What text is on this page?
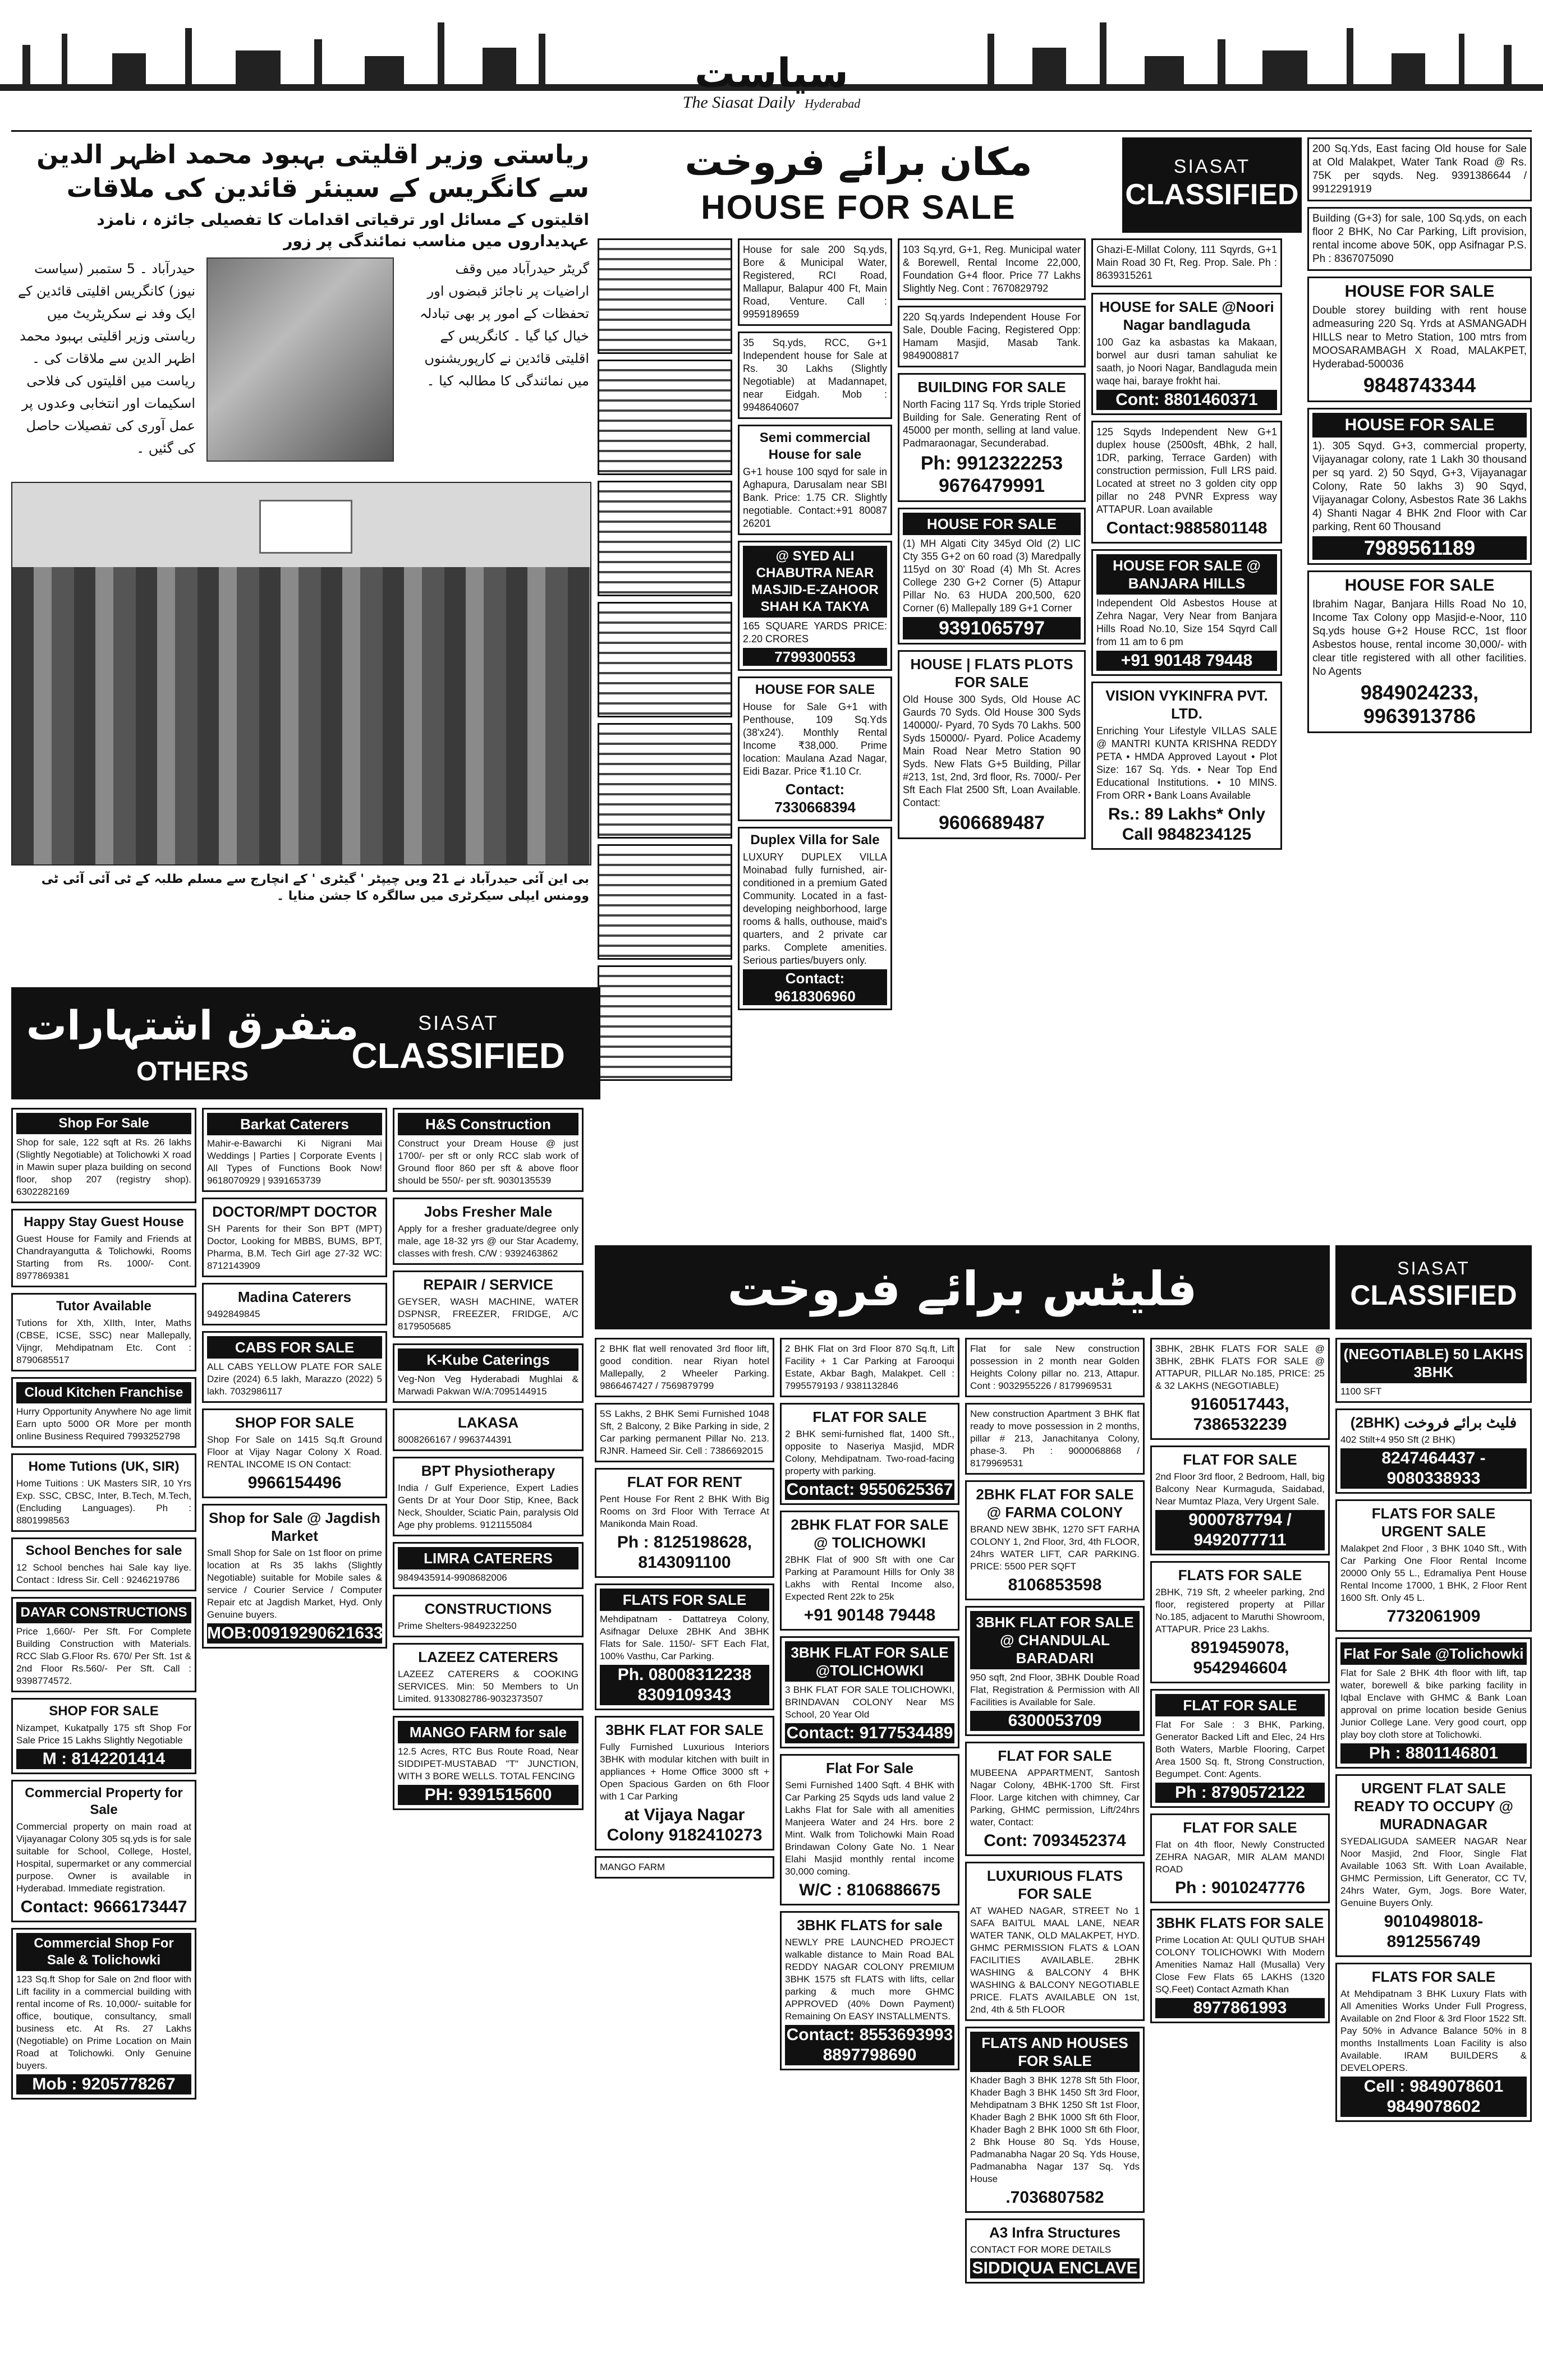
سیاست
The Siasat Daily Hyderabad
ریاستی وزیر اقلیتی بہبود محمد اظہر الدین سے کانگریس کے سینئر قائدین کی ملاقات
اقلیتوں کے مسائل اور ترقیاتی اقدامات کا تفصیلی جائزہ ، نامزد عہدیداروں میں مناسب نمائندگی پر زور
حیدرآباد ۔ 5 ستمبر (سیاست نیوز) کانگریس اقلیتی قائدین کے ایک وفد نے سکریٹریٹ میں ریاستی وزیر اقلیتی بہبود محمد اظہر الدین سے ملاقات کی ۔ ریاست میں اقلیتوں کی فلاحی اسکیمات اور انتخابی وعدوں پر عمل آوری کی تفصیلات حاصل کی گئیں ۔
گریٹر حیدرآباد میں وقف اراضیات پر ناجائز قبضوں اور تحفظات کے امور پر بھی تبادلہ خیال کیا گیا ۔ کانگریس کے اقلیتی قائدین نے کارپوریشنوں میں نمائندگی کا مطالبہ کیا ۔
بی این آئی حیدرآباد نے 21 ویں چیپٹر ' گیٹری ' کے انچارج سے مسلم طلبہ کے ٹی آئی آئی ٹی وومنس ایپلی سیکرٹری میں سالگرہ کا جشن منایا ۔
مکان برائے فروخت
HOUSE FOR SALE
SIASAT
CLASSIFIED
House for sale 200 Sq.yds, Bore & Municipal Water, Registered, RCI Road, Mallapur, Balapur 400 Ft, Main Road, Venture. Call : 9959189659
35 Sq.yds, RCC, G+1 Independent house for Sale at Rs. 30 Lakhs (Slightly Negotiable) at Madannapet, near Eidgah. Mob : 9948640607
Semi commercial House for sale
G+1 house 100 sqyd for sale in Aghapura, Darusalam near SBI Bank. Price: 1.75 CR. Slightly negotiable. Contact:+91 80087 26201
@ SYED ALI CHABUTRA NEAR MASJID-E-ZAHOOR SHAH KA TAKYA
165 SQUARE YARDS PRICE: 2.20 CRORES
7799300553
HOUSE FOR SALE
House for Sale G+1 with Penthouse, 109 Sq.Yds (38'x24'). Monthly Rental Income ₹38,000. Prime location: Maulana Azad Nagar, Eidi Bazar. Price ₹1.10 Cr.
Contact: 7330668394
Duplex Villa for Sale
LUXURY DUPLEX VILLA Moinabad fully furnished, air-conditioned in a premium Gated Community. Located in a fast-developing neighborhood, large rooms & halls, outhouse, maid's quarters, and 2 private car parks. Complete amenities. Serious parties/buyers only.
Contact: 9618306960
103 Sq.yrd, G+1, Reg. Municipal water & Borewell, Rental Income 22,000, Foundation G+4 floor. Price 77 Lakhs Slightly Neg. Cont : 7670829792
220 Sq.yards Independent House For Sale, Double Facing, Registered Opp: Hamam Masjid, Masab Tank. 9849008817
BUILDING FOR SALE
North Facing 117 Sq. Yrds triple Storied Building for Sale. Generating Rent of 45000 per month, selling at land value. Padmaraonagar, Secunderabad.
Ph: 9912322253 9676479991
HOUSE FOR SALE
(1) MH Algati City 345yd Old (2) LIC Cty 355 G+2 on 60 road (3) Maredpally 115yd on 30' Road (4) Mh St. Acres College 230 G+2 Corner (5) Attapur Pillar No. 63 HUDA 200,500, 620 Corner (6) Mallepally 189 G+1 Corner
9391065797
HOUSE | FLATS PLOTS FOR SALE
Old House 300 Syds, Old House AC Gaurds 70 Syds. Old House 300 Syds 140000/- Pyard, 70 Syds 70 Lakhs. 500 Syds 150000/- Pyard. Police Academy Main Road Near Metro Station 90 Syds. New Flats G+5 Building, Pillar #213, 1st, 2nd, 3rd floor, Rs. 7000/- Per Sft Each Flat 2500 Sft, Loan Available. Contact:
9606689487
Ghazi-E-Millat Colony, 111 Sqyrds, G+1 Main Road 30 Ft, Reg. Prop. Sale. Ph : 8639315261
HOUSE for SALE @Noori Nagar bandlaguda
100 Gaz ka asbastas ka Makaan, borwel aur dusri taman sahuliat ke saath, jo Noori Nagar, Bandlaguda mein waqe hai, baraye frokht hai.
Cont: 8801460371
125 Sqyds Independent New G+1 duplex house (2500sft, 4Bhk, 2 hall, 1DR, parking, Terrace Garden) with construction permission, Full LRS paid. Located at street no 3 golden city opp pillar no 248 PVNR Express way ATTAPUR. Loan available
Contact:9885801148
HOUSE FOR SALE @ BANJARA HILLS
Independent Old Asbestos House at Zehra Nagar, Very Near from Banjara Hills Road No.10, Size 154 Sqyrd Call from 11 am to 6 pm
+91 90148 79448
VISION VYKINFRA PVT. LTD.
Enriching Your Lifestyle VILLAS SALE @ MANTRI KUNTA KRISHNA REDDY PETA • HMDA Approved Layout • Plot Size: 167 Sq. Yds. • Near Top End Educational Institutions. • 10 MINS. From ORR • Bank Loans Available
Rs.: 89 Lakhs* Only Call 9848234125
200 Sq.Yds, East facing Old house for Sale at Old Malakpet, Water Tank Road @ Rs. 75K per sqyds. Neg. 9391386644 / 9912291919
Building (G+3) for sale, 100 Sq.yds, on each floor 2 BHK, No Car Parking, Lift provision, rental income above 50K, opp Asifnagar P.S. Ph : 8367075090
HOUSE FOR SALE
Double storey building with rent house admeasuring 220 Sq. Yrds at ASMANGADH HILLS near to Metro Station, 100 mtrs from MOOSARAMBAGH X Road, MALAKPET, Hyderabad-500036
9848743344
HOUSE FOR SALE
1). 305 Sqyd. G+3, commercial property, Vijayanagar colony, rate 1 Lakh 30 thousand per sq yard. 2) 50 Sqyd, G+3, Vijayanagar Colony, Rate 50 lakhs 3) 90 Sqyd, Vijayanagar Colony, Asbestos Rate 36 Lakhs 4) Shanti Nagar 4 BHK 2nd Floor with Car parking, Rent 60 Thousand
7989561189
HOUSE FOR SALE
Ibrahim Nagar, Banjara Hills Road No 10, Income Tax Colony opp Masjid-e-Noor, 110 Sq.yds house G+2 House RCC, 1st floor Asbestos house, rental income 30,000/- with clear title registered with all other facilities. No Agents
9849024233, 9963913786
متفرق اشتہارات
OTHERS
SIASAT
CLASSIFIED
Shop For Sale
Shop for sale, 122 sqft at Rs. 26 lakhs (Slightly Negotiable) at Tolichowki X road in Mawin super plaza building on second floor, shop 207 (registry shop). 6302282169
Happy Stay Guest House
Guest House for Family and Friends at Chandrayangutta & Tolichowki, Rooms Starting from Rs. 1000/- Cont. 8977869381
Tutor Available
Tutions for Xth, XIIth, Inter, Maths (CBSE, ICSE, SSC) near Mallepally, Vijngr, Mehdipatnam Etc. Cont : 8790685517
Cloud Kitchen Franchise
Hurry Opportunity Anywhere No age limit Earn upto 5000 OR More per month online Business Required 7993252798
Home Tutions (UK, SIR)
Home Tuitions : UK Masters SIR, 10 Yrs Exp. SSC, CBSC, Inter, B.Tech, M.Tech, (Encluding Languages). Ph : 8801998563
School Benches for sale
12 School benches hai Sale kay liye. Contact : Idress Sir. Cell : 9246219786
DAYAR CONSTRUCTIONS
Price 1,660/- Per Sft. For Complete Building Construction with Materials. RCC Slab G.Floor Rs. 670/ Per Sft. 1st & 2nd Floor Rs.560/- Per Sft. Call : 9398774572.
SHOP FOR SALE
Nizampet, Kukatpally 175 sft Shop For Sale Price 15 Lakhs Slightly Negotiable
M : 8142201414
Commercial Property for Sale
Commercial property on main road at Vijayanagar Colony 305 sq.yds is for sale suitable for School, College, Hostel, Hospital, supermarket or any commercial purpose. Owner is available in Hyderabad. Immediate registration.
Contact: 9666173447
Commercial Shop For Sale & Tolichowki
123 Sq.ft Shop for Sale on 2nd floor with Lift facility in a commercial building with rental income of Rs. 10,000/- suitable for office, boutique, consultancy, small business etc. At Rs. 27 Lakhs (Negotiable) on Prime Location on Main Road at Tolichowki. Only Genuine buyers.
Mob : 9205778267
Barkat Caterers
Mahir-e-Bawarchi Ki Nigrani Mai Weddings | Parties | Corporate Events | All Types of Functions Book Now! 9618070929 | 9391653739
DOCTOR/MPT DOCTOR
SH Parents for their Son BPT (MPT) Doctor, Looking for MBBS, BUMS, BPT, Pharma, B.M. Tech Girl age 27-32 WC: 8712143909
Madina Caterers
9492849845
CABS FOR SALE
ALL CABS YELLOW PLATE FOR SALE Dzire (2024) 6.5 lakh, Marazzo (2022) 5 lakh. 7032986117
SHOP FOR SALE
Shop For Sale on 1415 Sq.ft Ground Floor at Vijay Nagar Colony X Road. RENTAL INCOME IS ON Contact:
9966154496
Shop for Sale @ Jagdish Market
Small Shop for Sale on 1st floor on prime location at Rs 35 lakhs (Slightly Negotiable) suitable for Mobile sales & service / Courier Service / Computer Repair etc at Jagdish Market, Hyd. Only Genuine buyers.
MOB:00919290621633
H&S Construction
Construct your Dream House @ just 1700/- per sft or only RCC slab work of Ground floor 860 per sft & above floor should be 550/- per sft. 9030135539
Jobs Fresher Male
Apply for a fresher graduate/degree only male, age 18-32 yrs @ our Star Academy, classes with fresh. C/W : 9392463862
REPAIR / SERVICE
GEYSER, WASH MACHINE, WATER DSPNSR, FREEZER, FRIDGE, A/C 8179505685
K-Kube Caterings
Veg-Non Veg Hyderabadi Mughlai & Marwadi Pakwan W/A:7095144915
LAKASA
8008266167 / 9963744391
BPT Physiotherapy
India / Gulf Experience, Expert Ladies Gents Dr at Your Door Stip, Knee, Back Neck, Shoulder, Sciatic Pain, paralysis Old Age phy problems. 9121155084
LIMRA CATERERS
9849435914-9908682006
CONSTRUCTIONS
Prime Shelters-9849232250
LAZEEZ CATERERS
LAZEEZ CATERERS & COOKING SERVICES. Min: 50 Members to Un Limited. 9133082786-9032373507
MANGO FARM for sale
12.5 Acres, RTC Bus Route Road, Near SIDDIPET-MUSTABAD "T" JUNCTION, WITH 3 BORE WELLS. TOTAL FENCING
PH: 9391515600
فلیٹس برائے فروخت	SIASAT
CLASSIFIED
2 BHK flat well renovated 3rd floor lift, good condition. near Riyan hotel Mallepally, 2 Wheeler Parking. 9866467427 / 7569879799
5S Lakhs, 2 BHK Semi Furnished 1048 Sft, 2 Balcony, 2 Bike Parking in side, 2 Car parking permanent Pillar No. 213. RJNR. Hameed Sir. Cell : 7386692015
FLAT FOR RENT
Pent House For Rent 2 BHK With Big Rooms on 3rd Floor With Terrace At Manikonda Main Road.
Ph : 8125198628, 8143091100
FLATS FOR SALE
Mehdipatnam - Dattatreya Colony, Asifnagar Deluxe 2BHK And 3BHK Flats for Sale. 1150/- SFT Each Flat, 100% Vasthu, Car Parking.
Ph. 08008312238 8309109343
3BHK FLAT FOR SALE
Fully Furnished Luxurious Interiors 3BHK with modular kitchen with built in appliances + Home Office 3000 sft + Open Spacious Garden on 6th Floor with 1 Car Parking
at Vijaya Nagar Colony 9182410273
MANGO FARM
2 BHK Flat on 3rd Floor 870 Sq.ft, Lift Facility + 1 Car Parking at Farooqui Estate, Akbar Bagh, Malakpet. Cell : 7995579193 / 9381132846
FLAT FOR SALE
2 BHK semi-furnished flat, 1400 Sft., opposite to Naseriya Masjid, MDR Colony, Mehdipatnam. Two-road-facing property with parking.
Contact: 9550625367
2BHK FLAT FOR SALE @ TOLICHOWKI
2BHK Flat of 900 Sft with one Car Parking at Paramount Hills for Only 38 Lakhs with Rental Income also, Expected Rent 22k to 25k
+91 90148 79448
3BHK FLAT FOR SALE @TOLICHOWKI
3 BHK FLAT FOR SALE TOLICHOWKI, BRINDAVAN COLONY Near MS School, 20 Year Old
Contact: 9177534489
Flat For Sale
Semi Furnished 1400 Sqft. 4 BHK with Car Parking 25 Sqyds uds land value 2 Lakhs Flat for Sale with all amenities Manjeera Water and 24 Hrs. bore 2 Mint. Walk from Tolichowki Main Road Brindawan Colony Gate No. 1 Near Elahi Masjid monthly rental income 30,000 coming.
W/C : 8106886675
3BHK FLATS for sale
NEWLY PRE LAUNCHED PROJECT walkable distance to Main Road BAL REDDY NAGAR COLONY PREMIUM 3BHK 1575 sft FLATS with lifts, cellar parking & much more GHMC APPROVED (40% Down Payment) Remaining On EASY INSTALLMENTS.
Contact: 8553693993 8897798690
Flat for sale New construction possession in 2 month near Golden Heights Colony pillar no. 213, Attapur. Cont : 9032955226 / 8179969531
New construction Apartment 3 BHK flat ready to move possession in 2 months, pillar # 213, Janachitanya Colony, phase-3. Ph : 9000068868 / 8179969531
2BHK FLAT FOR SALE @ FARMA COLONY
BRAND NEW 3BHK, 1270 SFT FARHA COLONY 1, 2nd Floor, 3rd, 4th FLOOR, 24hrs WATER LIFT, CAR PARKING. PRICE: 5500 PER SQFT
8106853598
3BHK FLAT FOR SALE @ CHANDULAL BARADARI
950 sqft, 2nd Floor, 3BHK Double Road Flat, Registration & Permission with All Facilities is Available for Sale.
6300053709
FLAT FOR SALE
MUBEENA APPARTMENT, Santosh Nagar Colony, 4BHK-1700 Sft. First Floor. Large kitchen with chimney, Car Parking, GHMC permission, Lift/24hrs water, Contact:
Cont: 7093452374
LUXURIOUS FLATS FOR SALE
AT WAHED NAGAR, STREET No 1 SAFA BAITUL MAAL LANE, NEAR WATER TANK, OLD MALAKPET, HYD. GHMC PERMISSION FLATS & LOAN FACILITIES AVAILABLE. 2BHK WASHING & BALCONY 4 BHK WASHING & BALCONY NEGOTIABLE PRICE. FLATS AVAILABLE ON 1st, 2nd, 4th & 5th FLOOR
FLATS AND HOUSES FOR SALE
Khader Bagh 3 BHK 1278 Sft 5th Floor, Khader Bagh 3 BHK 1450 Sft 3rd Floor, Mehdipatnam 3 BHK 1250 Sft 1st Floor, Khader Bagh 2 BHK 1000 Sft 6th Floor, Khader Bagh 2 BHK 1000 Sft 6th Floor, 2 Bhk House 80 Sq. Yds House, Padmanabha Nagar 20 Sq. Yds House, Padmanabha Nagar 137 Sq. Yds House
.7036807582
A3 Infra Structures
CONTACT FOR MORE DETAILS
SIDDIQUA ENCLAVE
3BHK, 2BHK FLATS FOR SALE @ 3BHK, 2BHK FLATS FOR SALE @ ATTAPUR, PILLAR No.185, PRICE: 25 & 32 LAKHS (NEGOTIABLE)
9160517443, 7386532239
FLAT FOR SALE
2nd Floor 3rd floor, 2 Bedroom, Hall, big Balcony Near Kurmaguda, Saidabad, Near Mumtaz Plaza, Very Urgent Sale.
9000787794 / 9492077711
FLATS FOR SALE
2BHK, 719 Sft, 2 wheeler parking, 2nd floor, registered property at Pillar No.185, adjacent to Maruthi Showroom, ATTAPUR. Price 23 Lakhs.
8919459078, 9542946604
FLAT FOR SALE
Flat For Sale : 3 BHK, Parking, Generator Backed Lift and Elec, 24 Hrs Both Waters, Marble Flooring, Carpet Area 1500 Sq. ft, Strong Construction, Begumpet. Cont: Agents.
Ph : 8790572122
FLAT FOR SALE
Flat on 4th floor, Newly Constructed ZEHRA NAGAR, MIR ALAM MANDI ROAD
Ph : 9010247776
3BHK FLATS FOR SALE
Prime Location At: QULI QUTUB SHAH COLONY TOLICHOWKI With Modern Amenities Namaz Hall (Musalla) Very Close Few Flats 65 LAKHS (1320 SQ.Feet) Contact Azmath Khan
8977861993
(NEGOTIABLE) 50 LAKHS 3BHK
1100 SFT
(2BHK) فلیٹ برائے فروخت
402 Stilt+4 950 Sft (2 BHK)
8247464437 - 9080338933
FLATS FOR SALE URGENT SALE
Malakpet 2nd Floor , 3 BHK 1040 Sft., With Car Parking One Floor Rental Income 20000 Only 55 L., Edramaliya Pent House Rental Income 17000, 1 BHK, 2 Floor Rent 1600 Sft. Only 45 L.
7732061909
Flat For Sale @Tolichowki
Flat for Sale 2 BHK 4th floor with lift, tap water, borewell & bike parking facility in Iqbal Enclave with GHMC & Bank Loan approval on prime location beside Genius Junior College Lane. Very good court, opp play boy cloth store at Tolichowki.
Ph : 8801146801
URGENT FLAT SALE READY TO OCCUPY @ MURADNAGAR
SYEDALIGUDA SAMEER NAGAR Near Noor Masjid, 2nd Floor, Single Flat Available 1063 Sft. With Loan Available, GHMC Permission, Lift Generator, CC TV, 24hrs Water, Gym, Jogs. Bore Water, Genuine Buyers Only.
9010498018-8912556749
FLATS FOR SALE
At Mehdipatnam 3 BHK Luxury Flats with All Amenities Works Under Full Progress, Available on 2nd Floor & 3rd Floor 1522 Sft. Pay 50% in Advance Balance 50% in 8 months Installments Loan Facility is also Available. IRAM BUILDERS & DEVELOPERS.
Cell : 9849078601 9849078602
